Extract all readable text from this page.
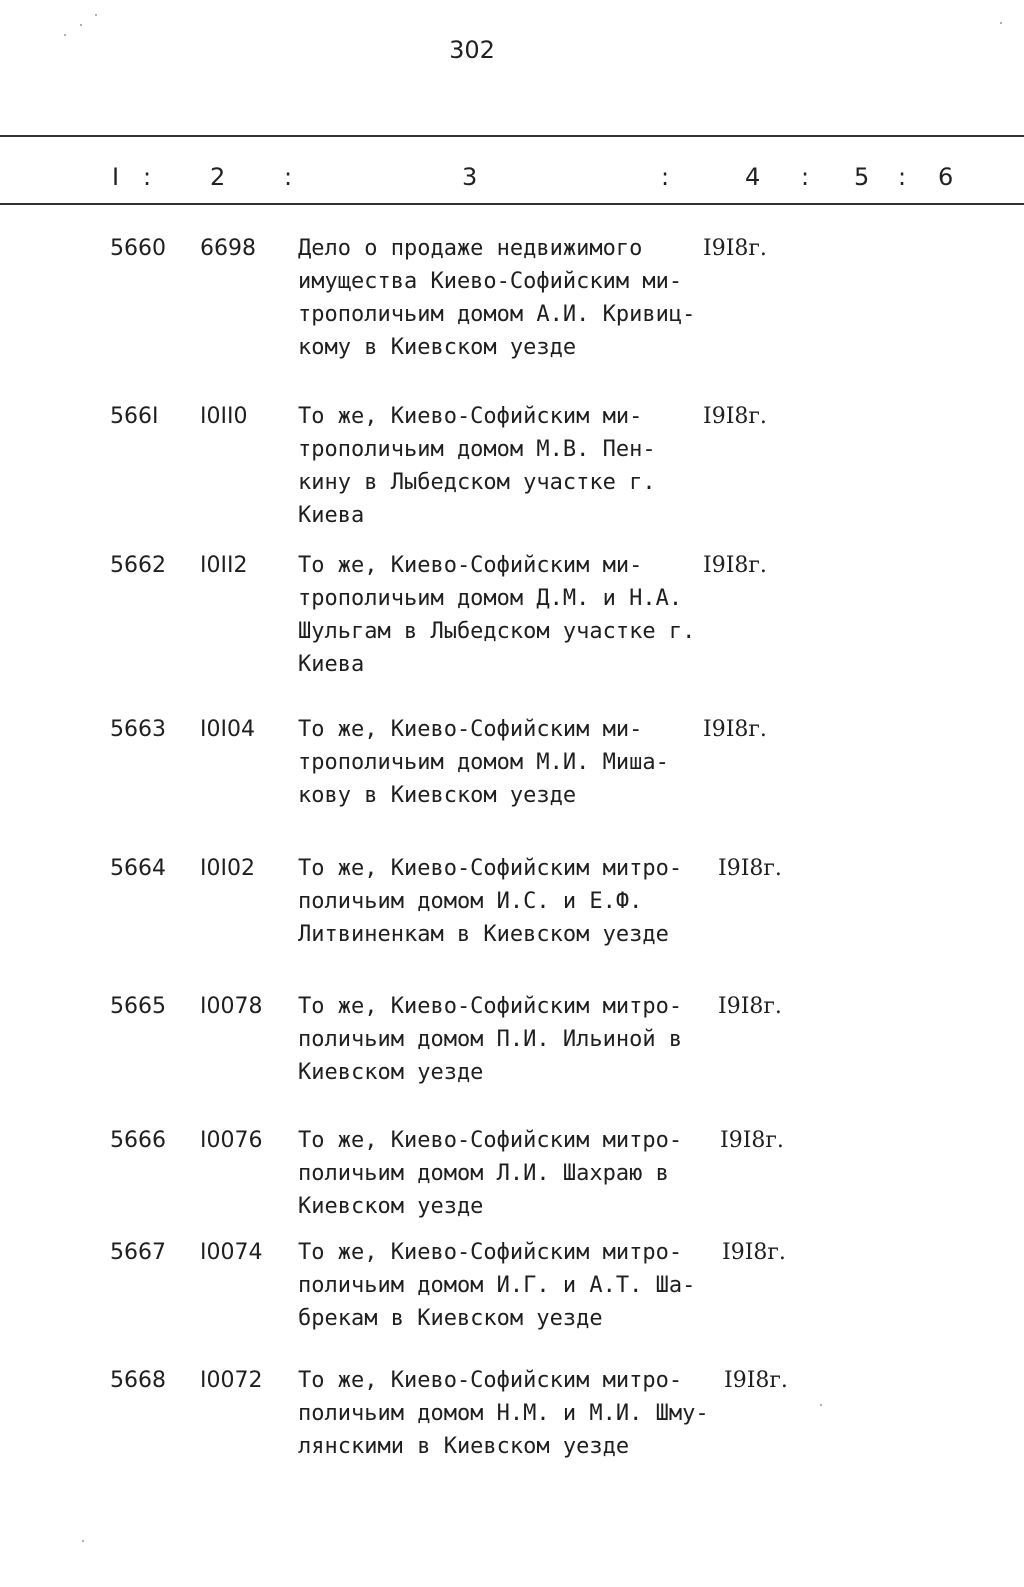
302
I : 2 :	3	:	4 : 5 : 6
5660	6698	Дело о продаже недвижимого
имущества Киево-Софийским ми-
трополичьим домом А.И. Кривиц-
кому в Киевском уезде
I9I8г.
566I	I0II0	То же, Киево-Софийским ми-
трополичьим домом М.В. Пен-
кину в Лыбедском участке г.
Киева
I9I8г.
5662	I0II2	То же, Киево-Софийским ми-
трополичьим домом Д.М. и Н.А.
Шульгам в Лыбедском участке г.
Киева
I9I8г.
5663	I0I04	То же, Киево-Софийским ми-
трополичьим домом М.И. Миша-
кову в Киевском уезде
I9I8г.
5664	I0I02	То же, Киево-Софийским митро-
поличьим домом И.С. и Е.Ф.
Литвиненкам в Киевском уезде
I9I8г.
5665	I0078	То же, Киево-Софийским митро-
поличьим домом П.И. Ильиной в
Киевском уезде
I9I8г.
5666	I0076	То же, Киево-Софийским митро-
поличьим домом Л.И. Шахраю в
Киевском уезде
I9I8г.
5667	I0074	То же, Киево-Софийским митро-
поличьим домом И.Г. и А.Т. Ша-
брекам в Киевском уезде
I9I8г.
5668	I0072	То же, Киево-Софийским митро-
поличьим домом Н.М. и М.И. Шму-
лянскими в Киевском уезде
I9I8г.
